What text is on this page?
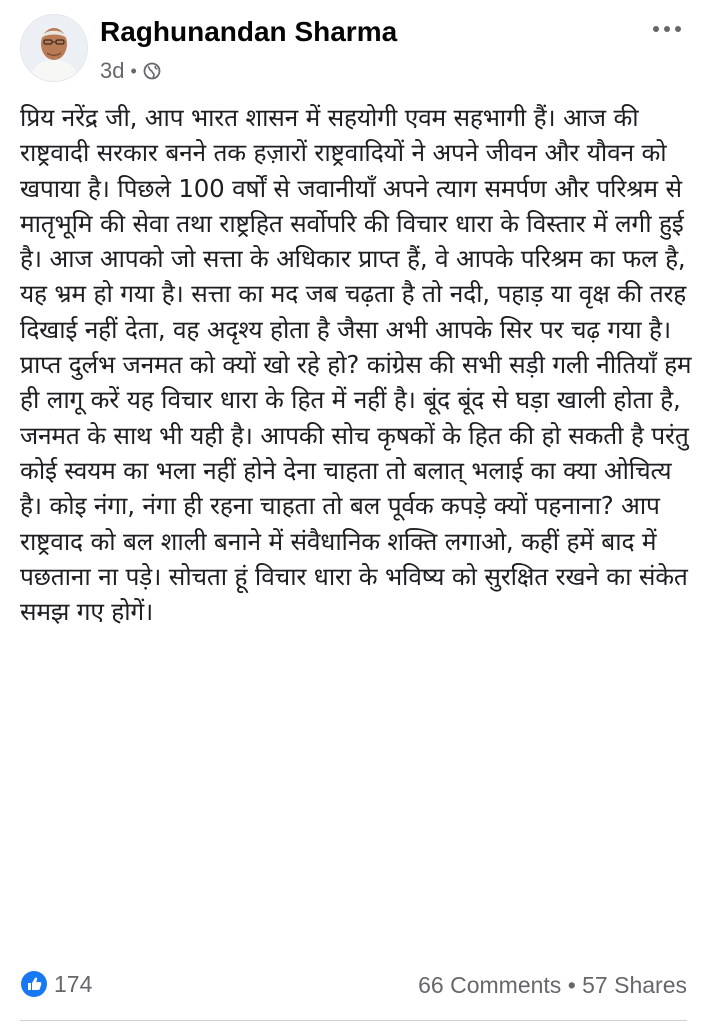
Raghunandan Sharma
3d •
प्रिय नरेंद्र जी, आप भारत शासन में सहयोगी एवम सहभागी हैं। आज की राष्ट्रवादी सरकार बनने तक हज़ारों राष्ट्रवादियों ने अपने जीवन और यौवन को खपाया है। पिछले 100 वर्षों से जवानीयाँ अपने त्याग समर्पण और परिश्रम से मातृभूमि की सेवा तथा राष्ट्रहित सर्वोपरि की विचार धारा के विस्तार में लगी हुई है। आज आपको जो सत्ता के अधिकार प्राप्त हैं, वे आपके परिश्रम का फल है, यह भ्रम हो गया है। सत्ता का मद जब चढ़ता है तो नदी, पहाड़ या वृक्ष की तरह दिखाई नहीं देता, वह अदृश्य होता है जैसा अभी आपके सिर पर चढ़ गया है। प्राप्त दुर्लभ जनमत को क्यों खो रहे हो? कांग्रेस की सभी सड़ी गली नीतियाँ हम ही लागू करें यह विचार धारा के हित में नहीं है। बूंद बूंद से घड़ा खाली होता है, जनमत के साथ भी यही है। आपकी सोच कृषकों के हित की हो सकती है परंतु कोई स्वयम का भला नहीं होने देना चाहता तो बलात् भलाई का क्या ओचित्य है। कोइ नंगा, नंगा ही रहना चाहता तो बल पूर्वक कपड़े क्यों पहनाना? आप राष्ट्रवाद को बल शाली बनाने में संवैधानिक शक्ति लगाओ, कहीं हमें बाद में पछताना ना पड़े। सोचता हूं विचार धारा के भविष्य को सुरक्षित रखने का संकेत समझ गए होगें।
174	66 Comments • 57 Shares
